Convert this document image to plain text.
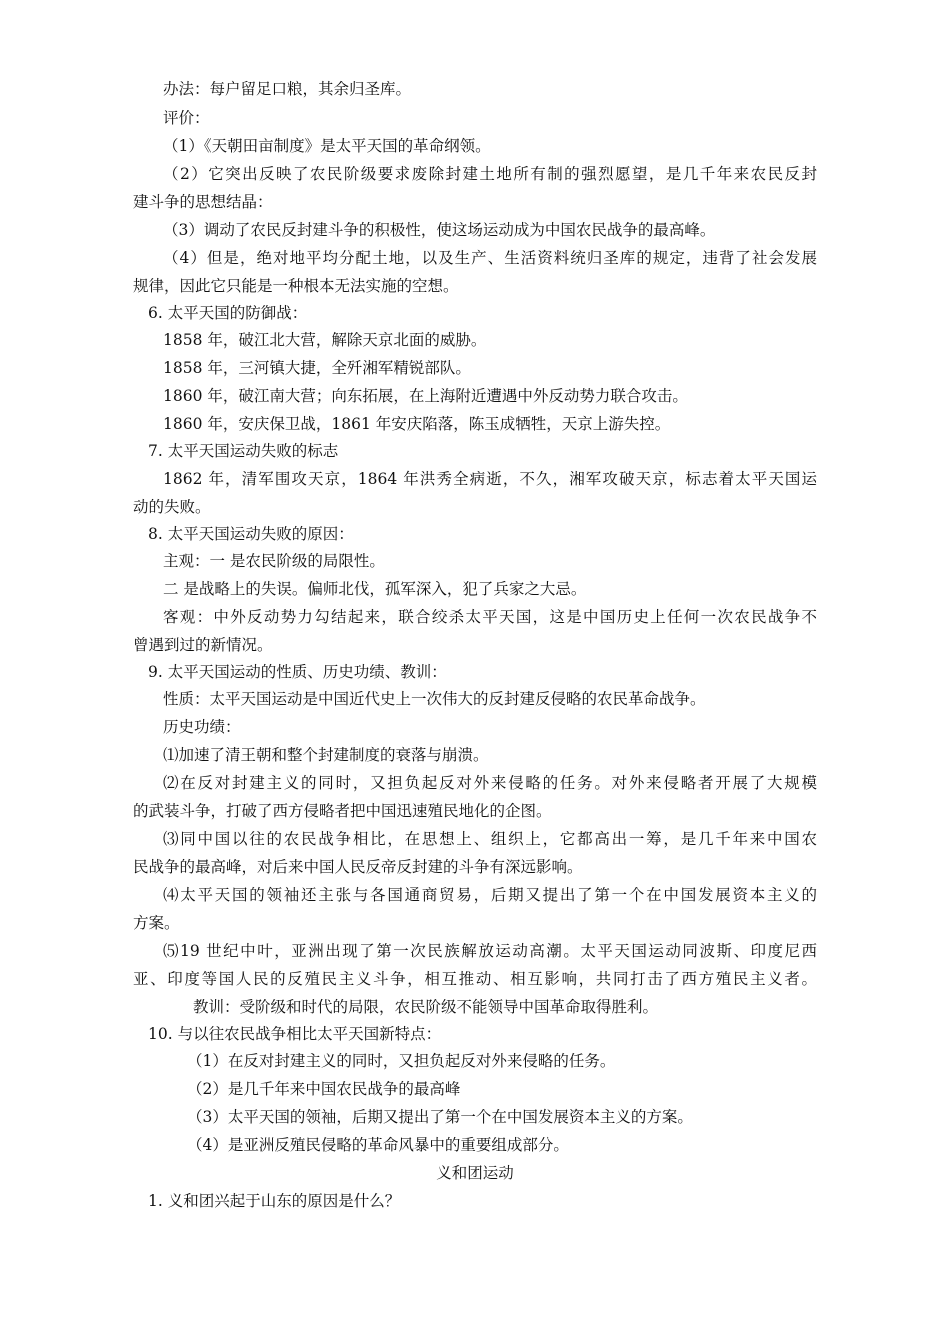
办法：每户留足口粮，其余归圣库。
评价：
（1）《天朝田亩制度》是太平天国的革命纲领。
（2）它突出反映了农民阶级要求废除封建土地所有制的强烈愿望，是几千年来农民反封
建斗争的思想结晶：
（3）调动了农民反封建斗争的积极性，使这场运动成为中国农民战争的最高峰。
（4）但是，绝对地平均分配土地，以及生产、生活资料统归圣库的规定，违背了社会发展
规律，因此它只能是一种根本无法实施的空想。
6. 太平天国的防御战：
1858 年，破江北大营，解除天京北面的威胁。
1858 年，三河镇大捷，全歼湘军精锐部队。
1860 年，破江南大营；向东拓展，在上海附近遭遇中外反动势力联合攻击。
1860 年，安庆保卫战，1861 年安庆陷落，陈玉成牺牲，天京上游失控。
7. 太平天国运动失败的标志
1862 年，清军围攻天京，1864 年洪秀全病逝，不久，湘军攻破天京，标志着太平天国运
动的失败。
8. 太平天国运动失败的原因：
主观：一 是农民阶级的局限性。
二 是战略上的失误。偏师北伐，孤军深入，犯了兵家之大忌。
客观：中外反动势力勾结起来，联合绞杀太平天国，这是中国历史上任何一次农民战争不
曾遇到过的新情况。
9. 太平天国运动的性质、历史功绩、教训：
性质：太平天国运动是中国近代史上一次伟大的反封建反侵略的农民革命战争。
历史功绩：
⑴加速了清王朝和整个封建制度的衰落与崩溃。
⑵在反对封建主义的同时，又担负起反对外来侵略的任务。对外来侵略者开展了大规模
的武装斗争，打破了西方侵略者把中国迅速殖民地化的企图。
⑶同中国以往的农民战争相比，在思想上、组织上，它都高出一筹，是几千年来中国农
民战争的最高峰，对后来中国人民反帝反封建的斗争有深远影响。
⑷太平天国的领袖还主张与各国通商贸易，后期又提出了第一个在中国发展资本主义的
方案。
⑸19 世纪中叶，亚洲出现了第一次民族解放运动高潮。太平天国运动同波斯、印度尼西
亚、印度等国人民的反殖民主义斗争，相互推动、相互影响，共同打击了西方殖民主义者。
教训：受阶级和时代的局限，农民阶级不能领导中国革命取得胜利。
10. 与以往农民战争相比太平天国新特点：
（1）在反对封建主义的同时，又担负起反对外来侵略的任务。
（2）是几千年来中国农民战争的最高峰
（3）太平天国的领袖，后期又提出了第一个在中国发展资本主义的方案。
（4）是亚洲反殖民侵略的革命风暴中的重要组成部分。
义和团运动
1. 义和团兴起于山东的原因是什么？
